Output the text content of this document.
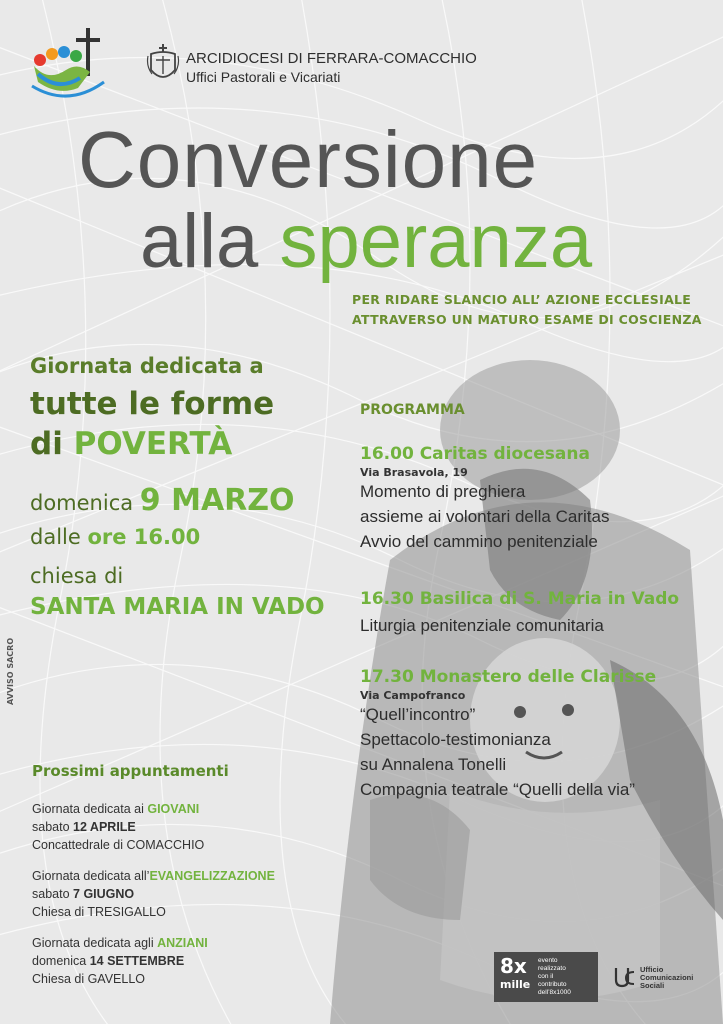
ARCIDIOCESI DI FERRARA-COMACCHIO
Uffici Pastorali e Vicariati
Conversione
alla speranza
PER RIDARE SLANCIO ALL’ AZIONE ECCLESIALE
ATTRAVERSO UN MATURO ESAME DI COSCIENZA
Giornata dedicata a
tutte le forme
di POVERTÀ
domenica 9 MARZO
dalle ore 16.00
chiesa di
SANTA MARIA IN VADO
AVVISO SACRO
PROGRAMMA
16.00 Caritas diocesana
Via Brasavola, 19
Momento di preghiera
assieme ai volontari della Caritas
Avvio del cammino penitenziale
16.30 Basilica di S. Maria in Vado
Liturgia penitenziale comunitaria
17.30 Monastero delle Clarisse
Via Campofranco
“Quell’incontro”
Spettacolo-testimonianza
su Annalena Tonelli
Compagnia teatrale “Quelli della via”
Prossimi appuntamenti
Giornata dedicata ai GIOVANI
sabato 12 APRILE
Concattedrale di COMACCHIO
Giornata dedicata all’EVANGELIZZAZIONE
sabato 7 GIUGNO
Chiesa di TRESIGALLO
Giornata dedicata agli ANZIANI
domenica 14 SETTEMBRE
Chiesa di GAVELLO
8x
mille
evento
realizzato
con il
contributo
dell’8x1000
Ufficio Comunicazioni Sociali
